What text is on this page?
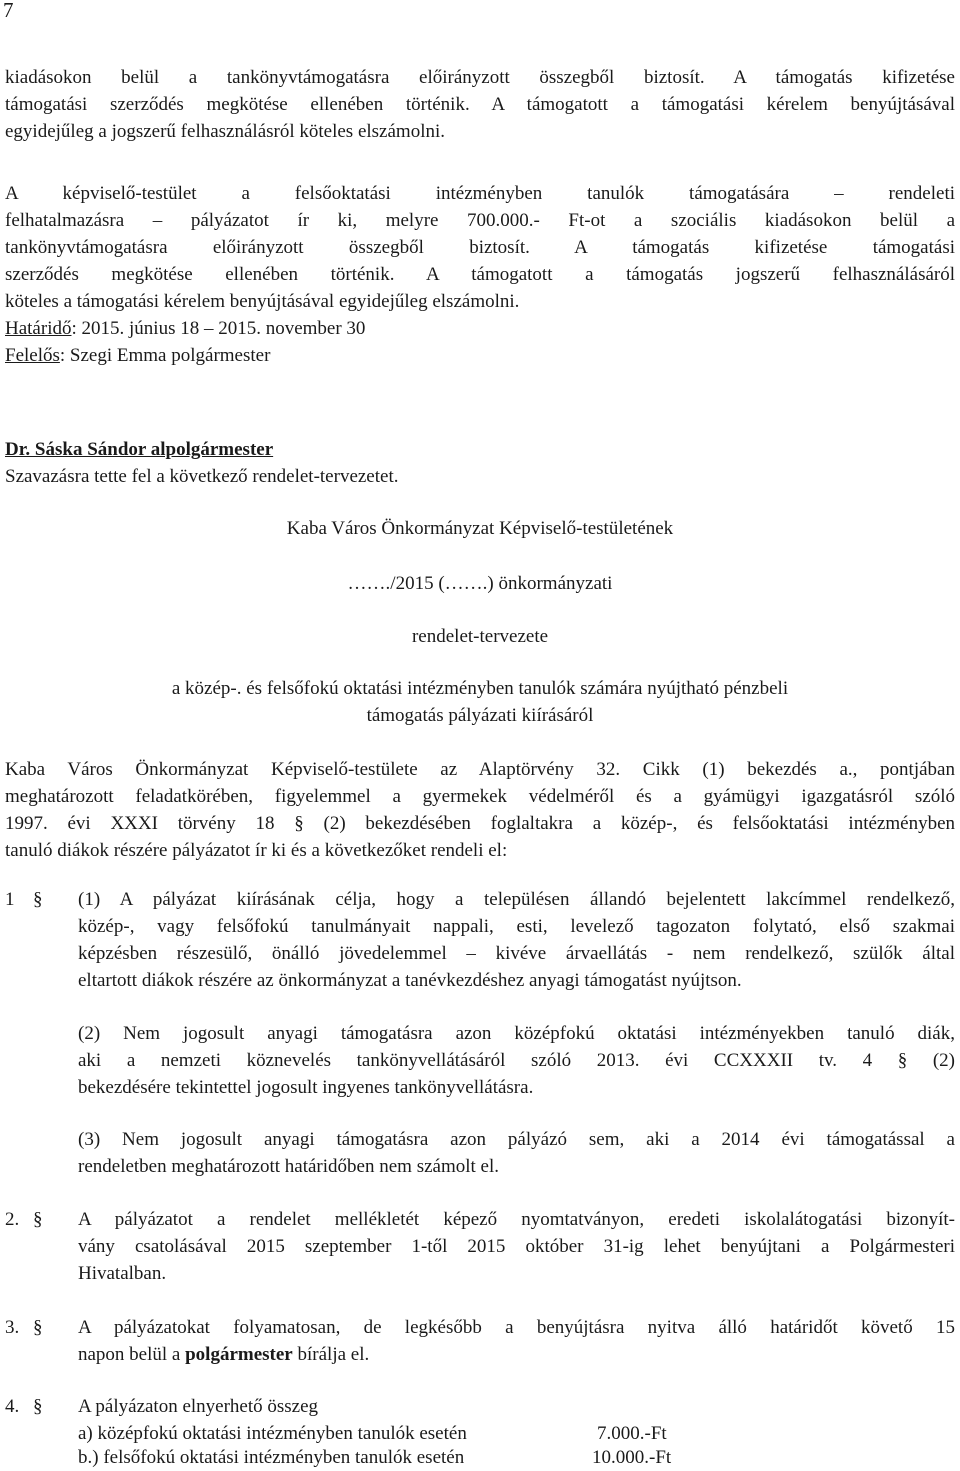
7
kiadásokon belül a tankönyvtámogatásra előirányzott összegből biztosít. A támogatás kifizetése
támogatási szerződés megkötése ellenében történik. A támogatott a támogatási kérelem benyújtásával
egyidejűleg a jogszerű felhasználásról köteles elszámolni.
A képviselő-testület a felsőoktatási intézményben tanulók támogatására – rendeleti
felhatalmazásra – pályázatot ír ki, melyre 700.000.- Ft-ot a szociális kiadásokon belül a
tankönyvtámogatásra előirányzott összegből biztosít. A támogatás kifizetése támogatási
szerződés megkötése ellenében történik. A támogatott a támogatás jogszerű felhasználásáról
köteles a támogatási kérelem benyújtásával egyidejűleg elszámolni.
Határidő: 2015. június 18 – 2015. november 30
Felelős: Szegi Emma polgármester
Dr. Sáska Sándor alpolgármester
Szavazásra tette fel a következő rendelet-tervezetet.
Kaba Város Önkormányzat Képviselő-testületének
……./2015 (…….) önkormányzati
rendelet-tervezete
a közép-. és felsőfokú oktatási intézményben tanulók számára nyújtható pénzbeli
támogatás pályázati kiírásáról
Kaba Város Önkormányzat Képviselő-testülete az Alaptörvény 32. Cikk (1) bekezdés a., pontjában
meghatározott feladatkörében, figyelemmel a gyermekek védelméről és a gyámügyi igazgatásról szóló
1997. évi XXXI törvény 18 § (2) bekezdésében foglaltakra a közép-, és felsőoktatási intézményben
tanuló diákok részére pályázatot ír ki és a következőket rendeli el:
1 § (1) A pályázat kiírásának célja, hogy a településen állandó bejelentett lakcímmel rendelkező,
közép-, vagy felsőfokú tanulmányait nappali, esti, levelező tagozaton folytató, első szakmai
képzésben részesülő, önálló jövedelemmel – kivéve árvaellátás - nem rendelkező, szülők által
eltartott diákok részére az önkormányzat a tanévkezdéshez anyagi támogatást nyújtson.
(2) Nem jogosult anyagi támogatásra azon középfokú oktatási intézményekben tanuló diák,
aki a nemzeti köznevelés tankönyvellátásáról szóló 2013. évi CCXXXII tv. 4 § (2)
bekezdésére tekintettel jogosult ingyenes tankönyvellátásra.
(3) Nem jogosult anyagi támogatásra azon pályázó sem, aki a 2014 évi támogatással a
rendeletben meghatározott határidőben nem számolt el.
2. § A pályázatot a rendelet mellékletét képező nyomtatványon, eredeti iskolalátogatási bizonyít-
vány csatolásával 2015 szeptember 1-től 2015 október 31-ig lehet benyújtani a Polgármesteri
Hivatalban.
3. § A pályázatokat folyamatosan, de legkésőbb a benyújtásra nyitva álló határidőt követő 15
napon belül a polgármester bírálja el.
4. § A pályázaton elnyerhető összeg
a) középfokú oktatási intézményben tanulók esetén	7.000.-Ft
b.) felsőfokú oktatási intézményben tanulók esetén	10.000.-Ft
